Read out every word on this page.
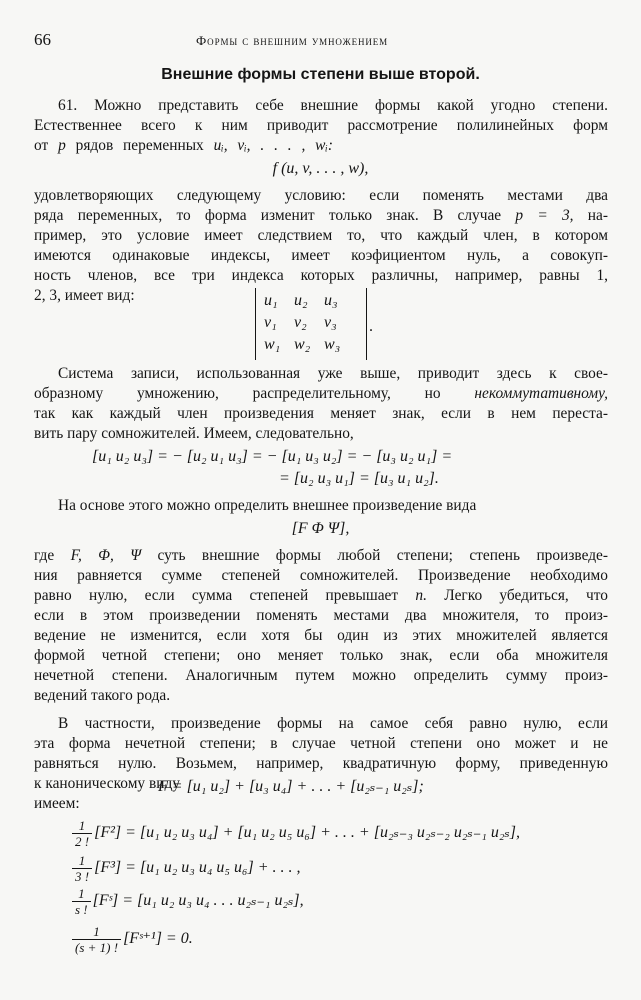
66	Формы с внешним умножением
Внешние формы степени выше второй.
61. Можно представить себе внешние формы какой угодно степени.
Естественнее всего к ним приводит рассмотрение полилинейных форм
от p рядов переменных uᵢ, vᵢ, . . . , wᵢ:
f (u, v, . . . , w),
удовлетворяющих следующему условию: если поменять местами два
ряда переменных, то форма изменит только знак. В случае p = 3, на-
пример, это условие имеет следствием то, что каждый член, в котором
имеются одинаковые индексы, имеет коэфициентом нуль, а совокуп-
ность членов, все три индекса которых различны, например, равны 1,
2, 3, имеет вид:	u₁	u₂	u₃
v₁	v₂	v₃
w₁	w₂	w₃
.
Система записи, использованная уже выше, приводит здесь к свое-
образному умножению, распределительному, но некоммутативному,
так как каждый член произведения меняет знак, если в нем переста-
вить пару сомножителей. Имеем, следовательно,
[u₁ u₂ u₃] = − [u₂ u₁ u₃] = − [u₁ u₃ u₂] = − [u₃ u₂ u₁] =
= [u₂ u₃ u₁] = [u₃ u₁ u₂].
На основе этого можно определить внешнее произведение вида
[F Φ Ψ],
где F, Φ, Ψ суть внешние формы любой степени; степень произведе-
ния равняется сумме степеней сомножителей. Произведение необходимо
равно нулю, если сумма степеней превышает n. Легко убедиться, что
если в этом произведении поменять местами два множителя, то произ-
ведение не изменится, если хотя бы один из этих множителей является
формой четной степени; оно меняет только знак, если оба множителя
нечетной степени. Аналогичным путем можно определить сумму произ-
ведений такого рода.
В частности, произведение формы на самое себя равно нулю, если
эта форма нечетной степени; в случае четной степени оно может и не
равняться нулю. Возьмем, например, квадратичную форму, приведенную
к каноническому виду
F = [u₁ u₂] + [u₃ u₄] + . . . + [u₂ₛ₋₁ u₂ₛ];
имеем:
$\frac{1}{2 !} [F^2] = [u_1$ u₂ u₃ u₄] + [u₁ u₂ u₅ u₆] + . . . + [u₂ₛ₋₃ u₂ₛ₋₂ u₂ₛ₋₁ u₂ₛ],
$\frac{1}{3 !} [F^3] = [u_1$ u₂ u₃ u₄ u₅ u₆] + . . . ,
$\frac{1}{s !}$ [Fˢ] = [u₁ u₂ u₃ u₄ . . . u₂ₛ₋₁ u₂ₛ],
$\frac{1}{(s + 1) !}$ [Fˢ⁺¹] = 0.
